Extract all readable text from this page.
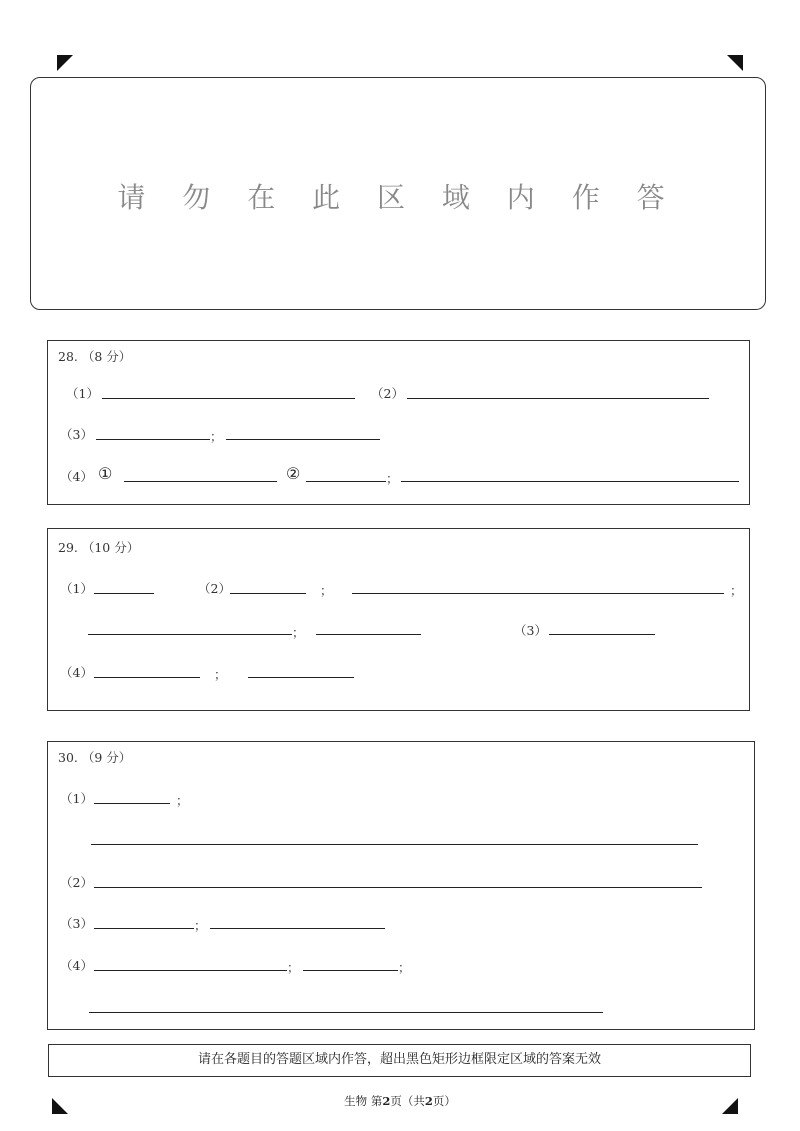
请 勿 在 此 区 域 内 作 答
28. （8 分）
（1）	（2）
（3）	；
（4） ①	②	；
29. （10 分）
（1）	（2）	；	；
；	（3）
（4）	；
30. （9 分）
（1）	；
（2）
（3）	；
（4）	；	；
请在各题目的答题区域内作答，超出黑色矩形边框限定区域的答案无效
生物 第2页（共2页）
